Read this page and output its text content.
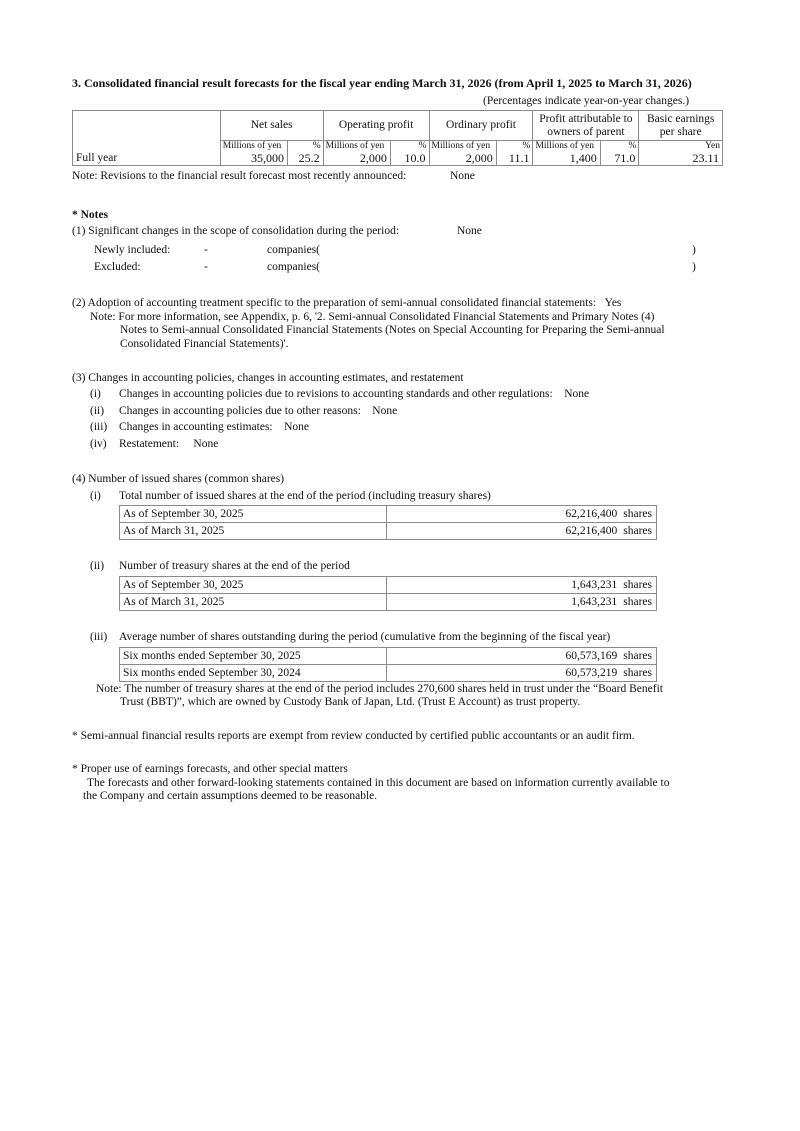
3. Consolidated financial result forecasts for the fiscal year ending March 31, 2026 (from April 1, 2025 to March 31, 2026)
(Percentages indicate year-on-year changes.)
	Net sales		Operating profit		Ordinary profit		Profit attributable to owners of parent		Basic earnings per share
	Millions of yen	%	Millions of yen	%	Millions of yen	%	Millions of yen	%	Yen
Full year	35,000	25.2	2,000	10.0	2,000	11.1	1,400	71.0	23.11
Note: Revisions to the financial result forecast most recently announced:	None
* Notes
(1) Significant changes in the scope of consolidation during the period:	None
Newly included:	-	companies(	)
Excluded:	-	companies(	)
(2) Adoption of accounting treatment specific to the preparation of semi-annual consolidated financial statements: Yes
Note: For more information, see Appendix, p. 6, '2. Semi-annual Consolidated Financial Statements and Primary Notes (4)
Notes to Semi-annual Consolidated Financial Statements (Notes on Special Accounting for Preparing the Semi-annual
Consolidated Financial Statements)'.
(3) Changes in accounting policies, changes in accounting estimates, and restatement
(i) Changes in accounting policies due to revisions to accounting standards and other regulations: None
(ii) Changes in accounting policies due to other reasons: None
(iii) Changes in accounting estimates: None
(iv) Restatement: None
(4) Number of issued shares (common shares)
(i) Total number of issued shares at the end of the period (including treasury shares)
As of September 30, 2025	62,216,400 shares
As of March 31, 2025	62,216,400 shares
(ii) Number of treasury shares at the end of the period
As of September 30, 2025	1,643,231 shares
As of March 31, 2025	1,643,231 shares
(iii) Average number of shares outstanding during the period (cumulative from the beginning of the fiscal year)
Six months ended September 30, 2025	60,573,169 shares
Six months ended September 30, 2024	60,573,219 shares
Note: The number of treasury shares at the end of the period includes 270,600 shares held in trust under the “Board Benefit
Trust (BBT)”, which are owned by Custody Bank of Japan, Ltd. (Trust E Account) as trust property.
* Semi-annual financial results reports are exempt from review conducted by certified public accountants or an audit firm.
* Proper use of earnings forecasts, and other special matters
The forecasts and other forward-looking statements contained in this document are based on information currently available to
the Company and certain assumptions deemed to be reasonable.
